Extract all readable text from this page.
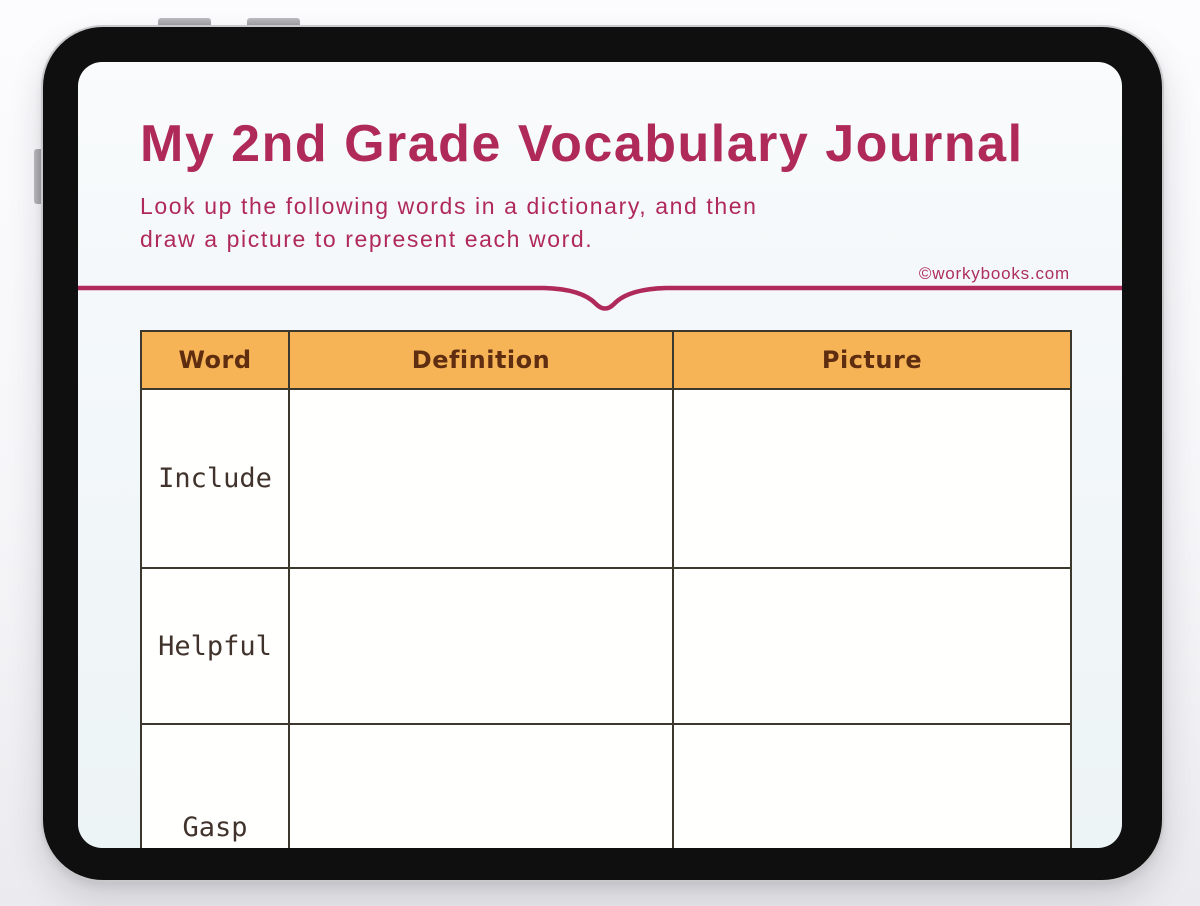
My 2nd Grade Vocabulary Journal

Look up the following words in a dictionary, and then
draw a picture to represent each word.

©workybooks.com
Word	Definition	Picture
Include		
Helpful		
Gasp		
